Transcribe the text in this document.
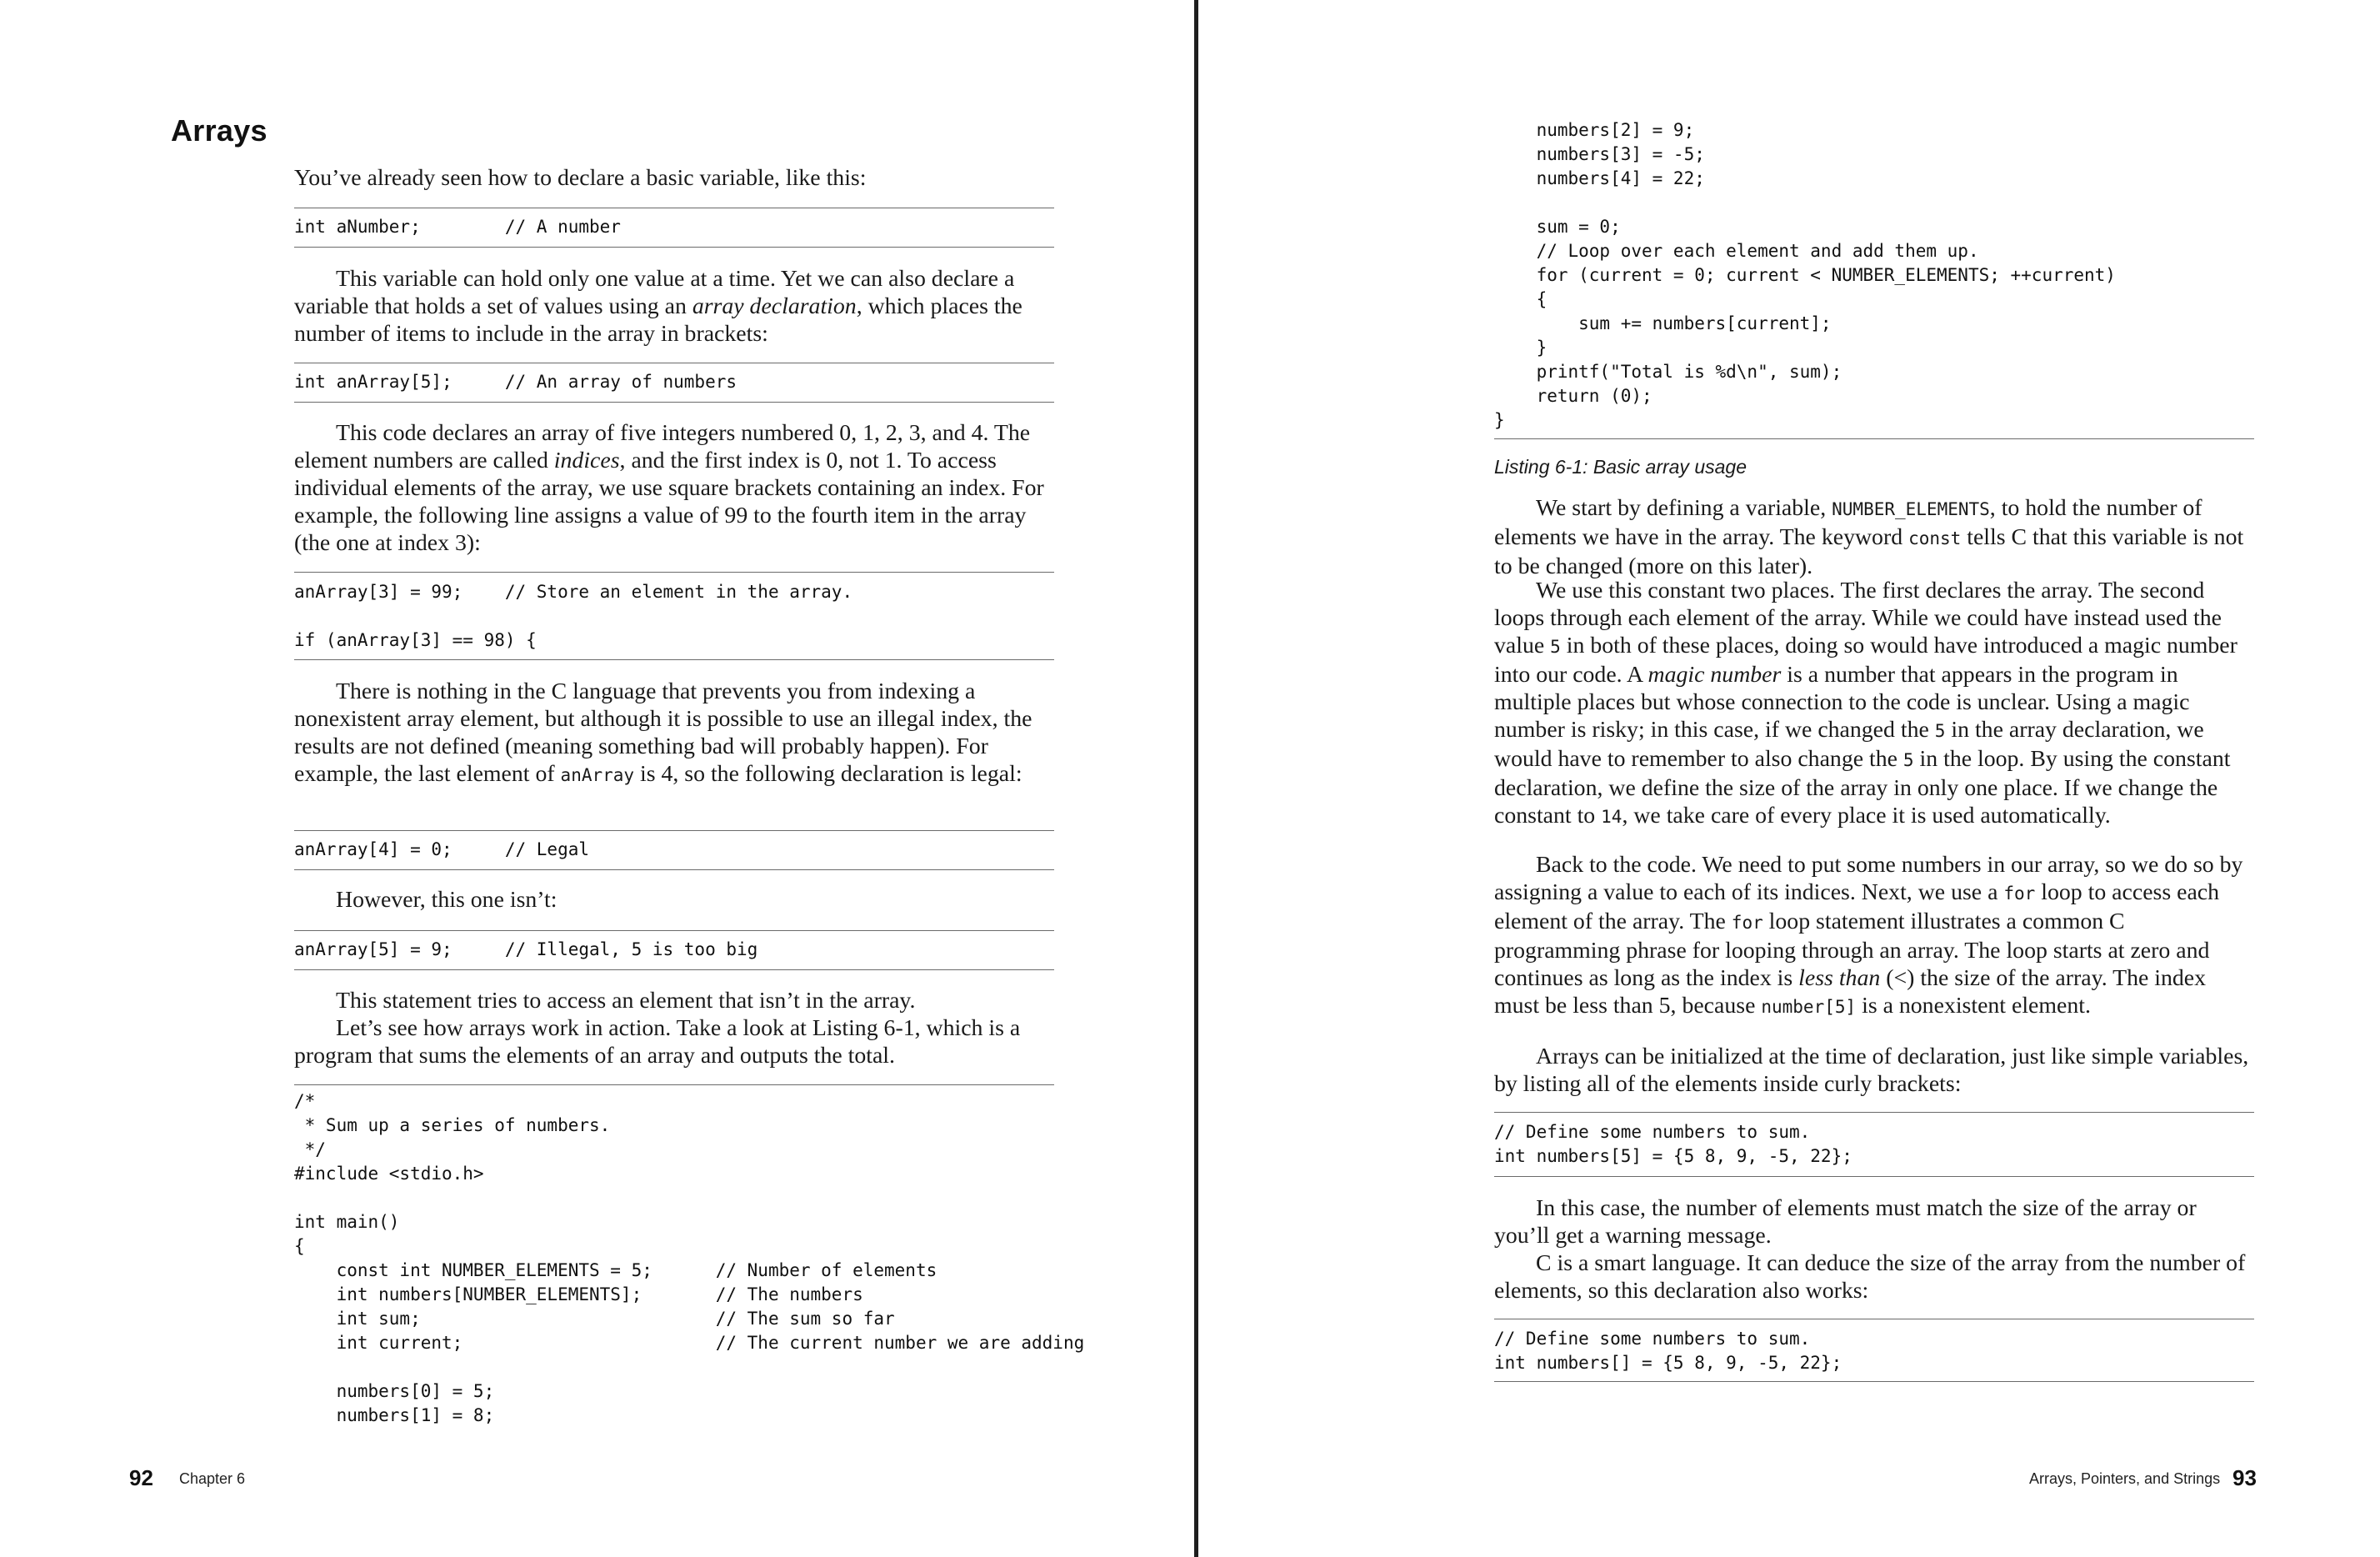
Arrays

You’ve already seen how to declare a basic variable, like this:

int aNumber;        // A number

This variable can hold only one value at a time. Yet we can also declare a variable that holds a set of values using an array declaration, which places the number of items to include in the array in brackets:

int anArray[5];     // An array of numbers

This code declares an array of five integers numbered 0, 1, 2, 3, and 4. The element numbers are called indices, and the first index is 0, not 1. To access individual elements of the array, we use square brackets containing an index. For example, the following line assigns a value of 99 to the fourth item in the array (the one at index 3):

anArray[3] = 99;    // Store an element in the array.

if (anArray[3] == 98) {

There is nothing in the C language that prevents you from indexing a nonexistent array element, but although it is possible to use an illegal index, the results are not defined (meaning something bad will probably happen). For example, the last element of anArray is 4, so the following declaration is legal:

anArray[4] = 0;     // Legal

However, this one isn’t:

anArray[5] = 9;     // Illegal, 5 is too big

This statement tries to access an element that isn’t in the array.

Let’s see how arrays work in action. Take a look at Listing 6-1, which is a program that sums the elements of an array and outputs the total.

/*
* Sum up a series of numbers.
*/
#include <stdio.h>

int main()
{
const int NUMBER_ELEMENTS = 5;      // Number of elements
int numbers[NUMBER_ELEMENTS];       // The numbers
int sum;                            // The sum so far
int current;                        // The current number we are adding

numbers[0] = 5;
numbers[1] = 8;

92 Chapter 6

numbers[2] = 9;
numbers[3] = -5;
numbers[4] = 22;

sum = 0;
// Loop over each element and add them up.
for (current = 0; current < NUMBER_ELEMENTS; ++current)
{
sum += numbers[current];
}
printf("Total is %d\n", sum);
return (0);
}

Listing 6-1: Basic array usage

We start by defining a variable, NUMBER_ELEMENTS, to hold the number of elements we have in the array. The keyword const tells C that this variable is not to be changed (more on this later).

We use this constant two places. The first declares the array. The second loops through each element of the array. While we could have instead used the value 5 in both of these places, doing so would have introduced a magic number into our code. A magic number is a number that appears in the program in multiple places but whose connection to the code is unclear. Using a magic number is risky; in this case, if we changed the 5 in the array declaration, we would have to remember to also change the 5 in the loop. By using the constant declaration, we define the size of the array in only one place. If we change the constant to 14, we take care of every place it is used automatically.

Back to the code. We need to put some numbers in our array, so we do so by assigning a value to each of its indices. Next, we use a for loop to access each element of the array. The for loop statement illustrates a common C programming phrase for looping through an array. The loop starts at zero and continues as long as the index is less than (<) the size of the array. The index must be less than 5, because number[5] is a nonexistent element.

Arrays can be initialized at the time of declaration, just like simple variables, by listing all of the elements inside curly brackets:

// Define some numbers to sum.
int numbers[5] = {5 8, 9, -5, 22};

In this case, the number of elements must match the size of the array or you’ll get a warning message.

C is a smart language. It can deduce the size of the array from the number of elements, so this declaration also works:

// Define some numbers to sum.
int numbers[] = {5 8, 9, -5, 22};

Arrays, Pointers, and Strings 93
